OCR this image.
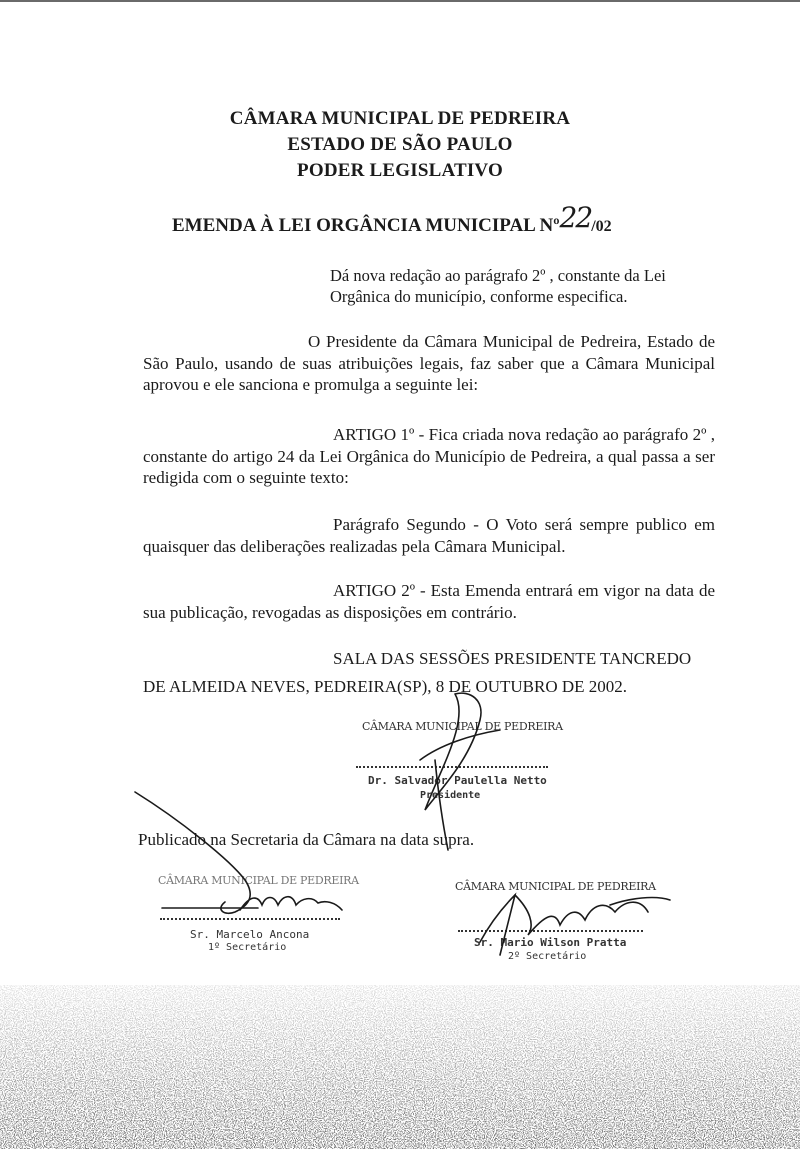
CÂMARA MUNICIPAL DE PEDREIRA
ESTADO DE SÃO PAULO
PODER LEGISLATIVO
EMENDA À LEI ORGÂNCIA MUNICIPAL Nº22/02
Dá nova redação ao parágrafo 2º , constante da Lei
Orgânica do município, conforme especifica.
O Presidente da Câmara Municipal de Pedreira, Estado de São Paulo, usando de suas atribuições legais, faz saber que a Câmara Municipal aprovou e ele sanciona e promulga a seguinte lei:
ARTIGO 1º - Fica criada nova redação ao parágrafo 2º , constante do artigo 24 da Lei Orgânica do Município de Pedreira, a qual passa a ser redigida com o seguinte texto:
Parágrafo Segundo - O Voto será sempre publico em quaisquer das deliberações realizadas pela Câmara Municipal.
ARTIGO 2º - Esta Emenda entrará em vigor na data de sua publicação, revogadas as disposições em contrário.
SALA DAS SESSÕES PRESIDENTE TANCREDO
DE ALMEIDA NEVES, PEDREIRA(SP), 8 DE OUTUBRO DE 2002.
CÂMARA MUNICIPAL DE PEDREIRA
Dr. Salvador Paulella Netto
Presidente
Publicado na Secretaria da Câmara na data supra.
CÂMARA MUNICIPAL DE PEDREIRA
Sr. Marcelo Ancona
1º Secretário
CÂMARA MUNICIPAL DE PEDREIRA
Sr. Mario Wilson Pratta
2º Secretário
